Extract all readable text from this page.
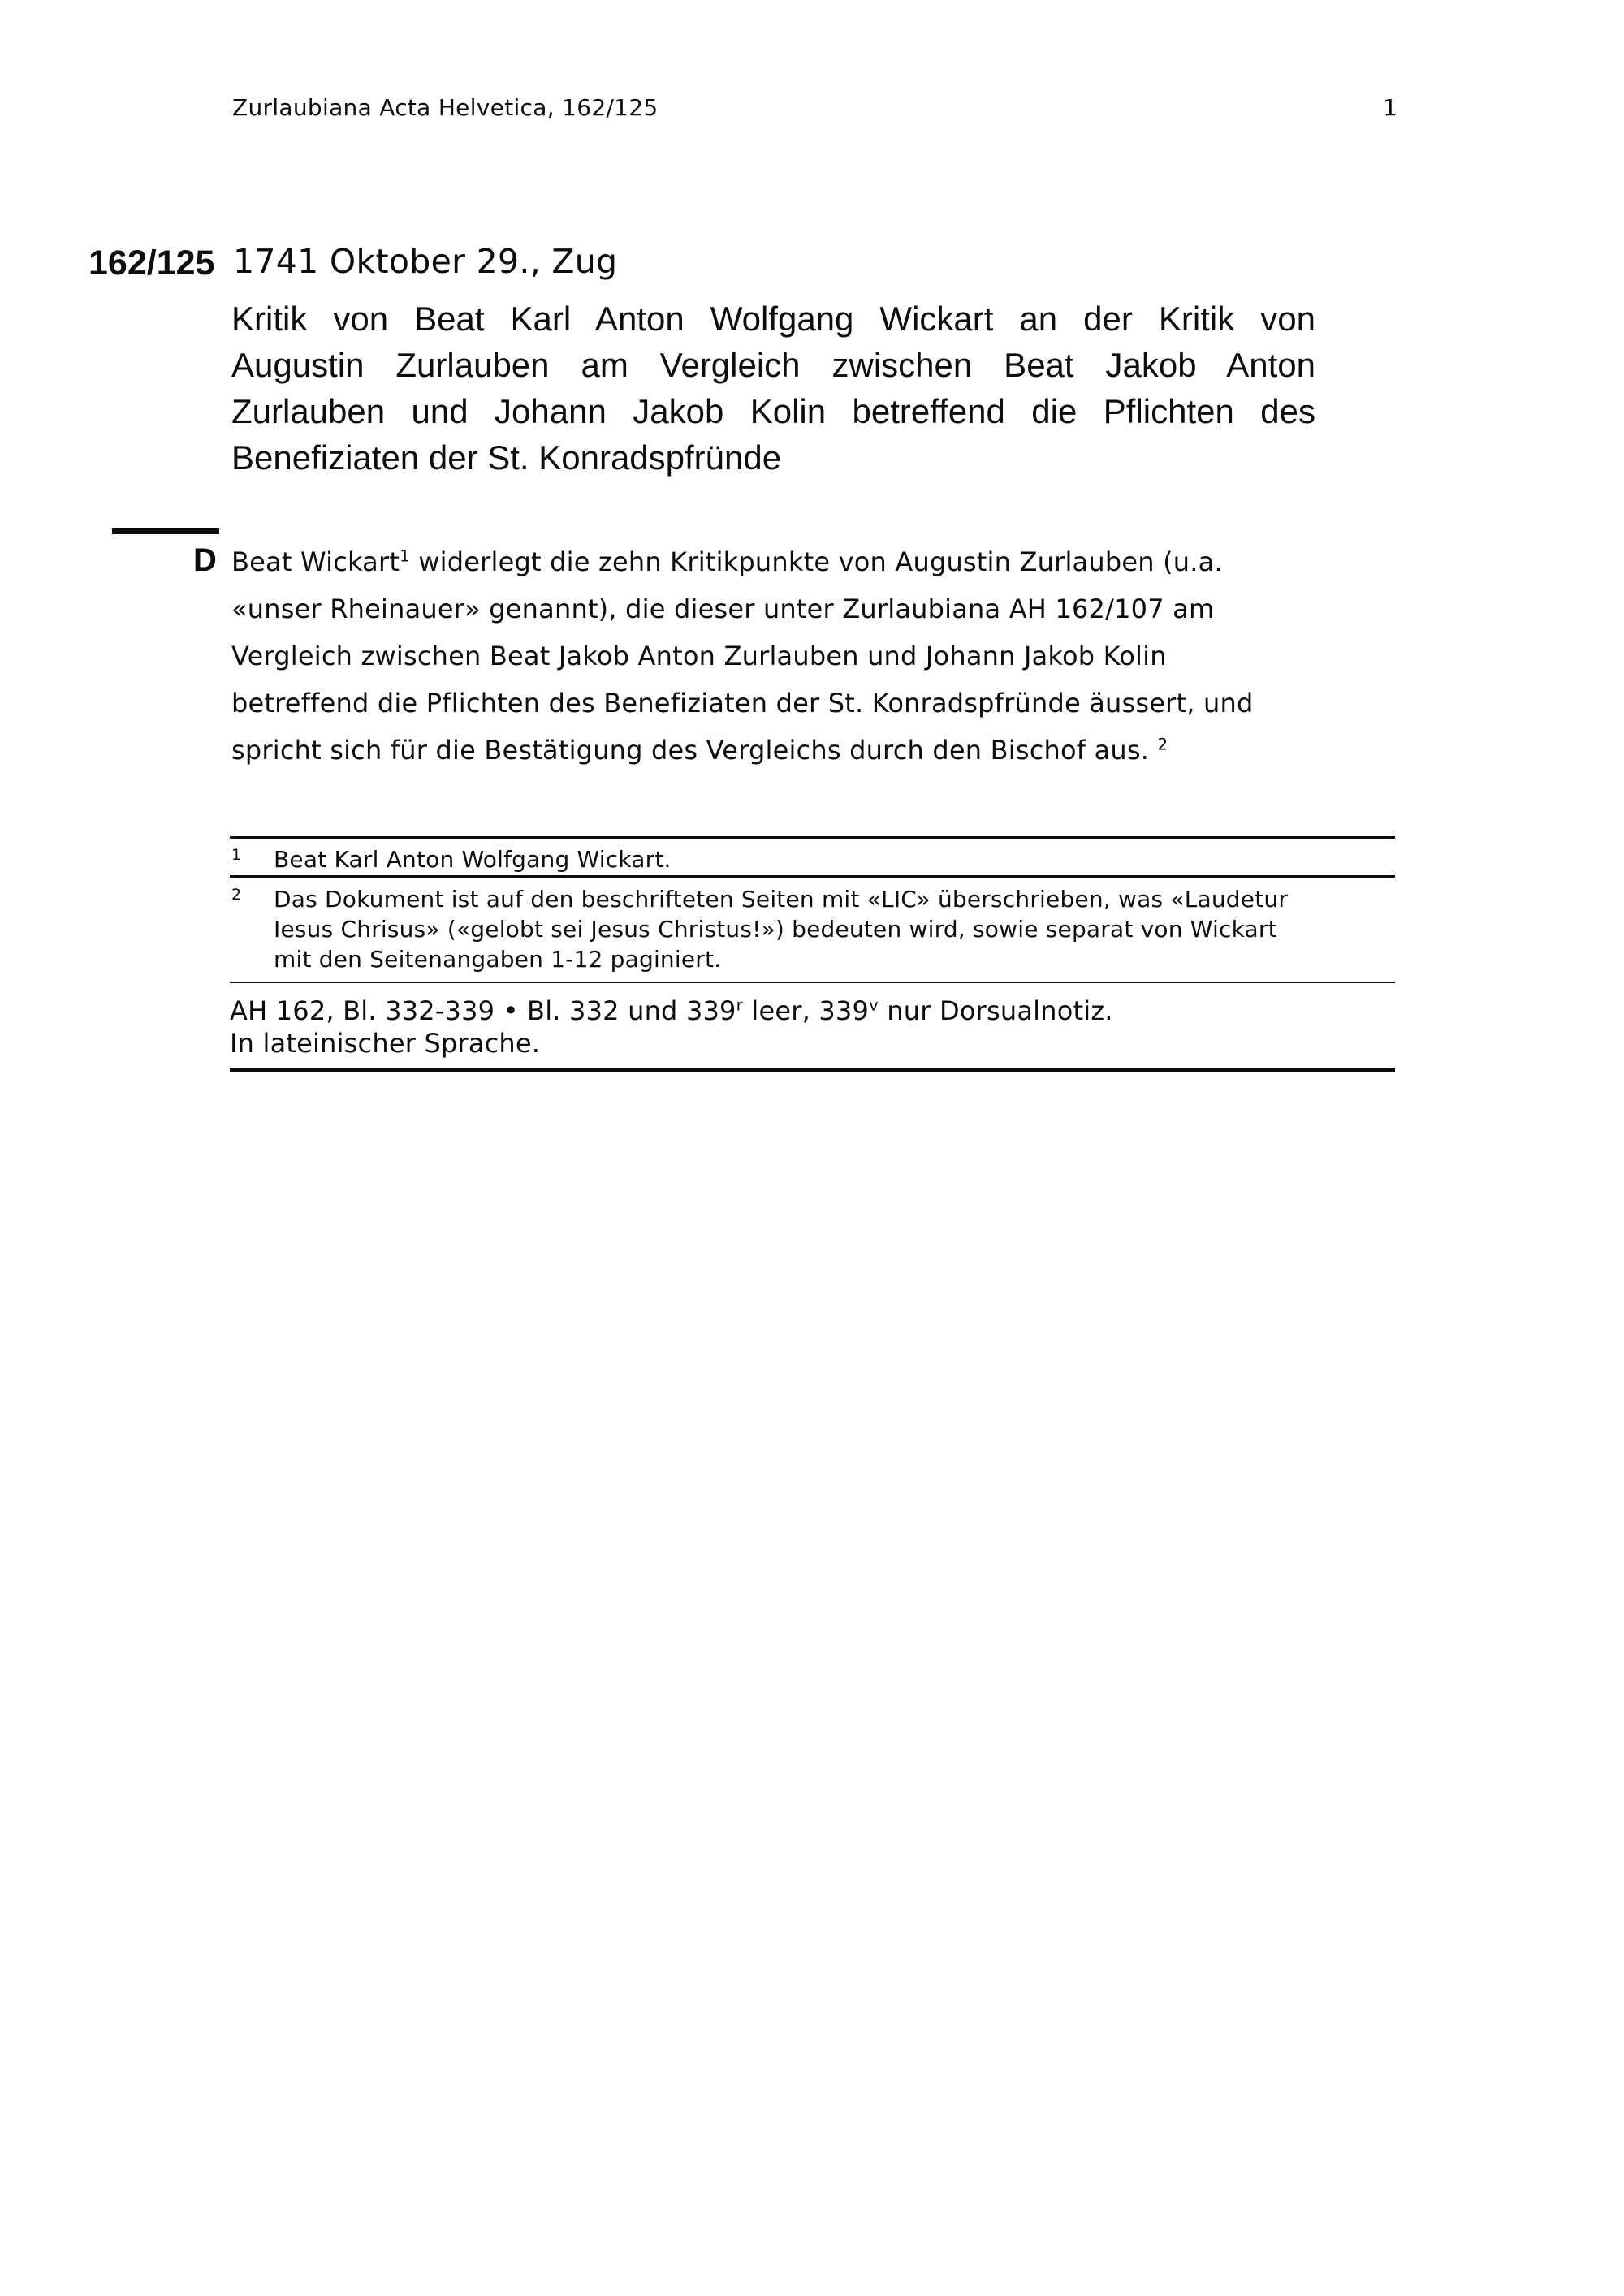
Zurlaubiana Acta Helvetica, 162/125	1
162/125 1741 Oktober 29., Zug
Kritik von Beat Karl Anton Wolfgang Wickart an der Kritik von
Augustin Zurlauben am Vergleich zwischen Beat Jakob Anton
Zurlauben und Johann Jakob Kolin betreffend die Pflichten des
Benefiziaten der St. Konradspfründe
D Beat Wickart$^1$ widerlegt die zehn Kritikpunkte von Augustin Zurlauben (u.a.
«unser Rheinauer» genannt), die dieser unter Zurlaubiana AH 162/107 am
Vergleich zwischen Beat Jakob Anton Zurlauben und Johann Jakob Kolin
betreffend die Pflichten des Benefiziaten der St. Konradspfründe äussert, und
spricht sich für die Bestätigung des Vergleichs durch den Bischof aus. $^2$
1	Beat Karl Anton Wolfgang Wickart.
2	Das Dokument ist auf den beschrifteten Seiten mit «LIC» überschrieben, was «Laudetur
Iesus Chrisus» («gelobt sei Jesus Christus!») bedeuten wird, sowie separat von Wickart
mit den Seitenangaben 1-12 paginiert.
AH 162, Bl. 332-339 • Bl. 332 und 339$^r$ leer, 339$^v$ nur Dorsualnotiz.
In lateinischer Sprache.
